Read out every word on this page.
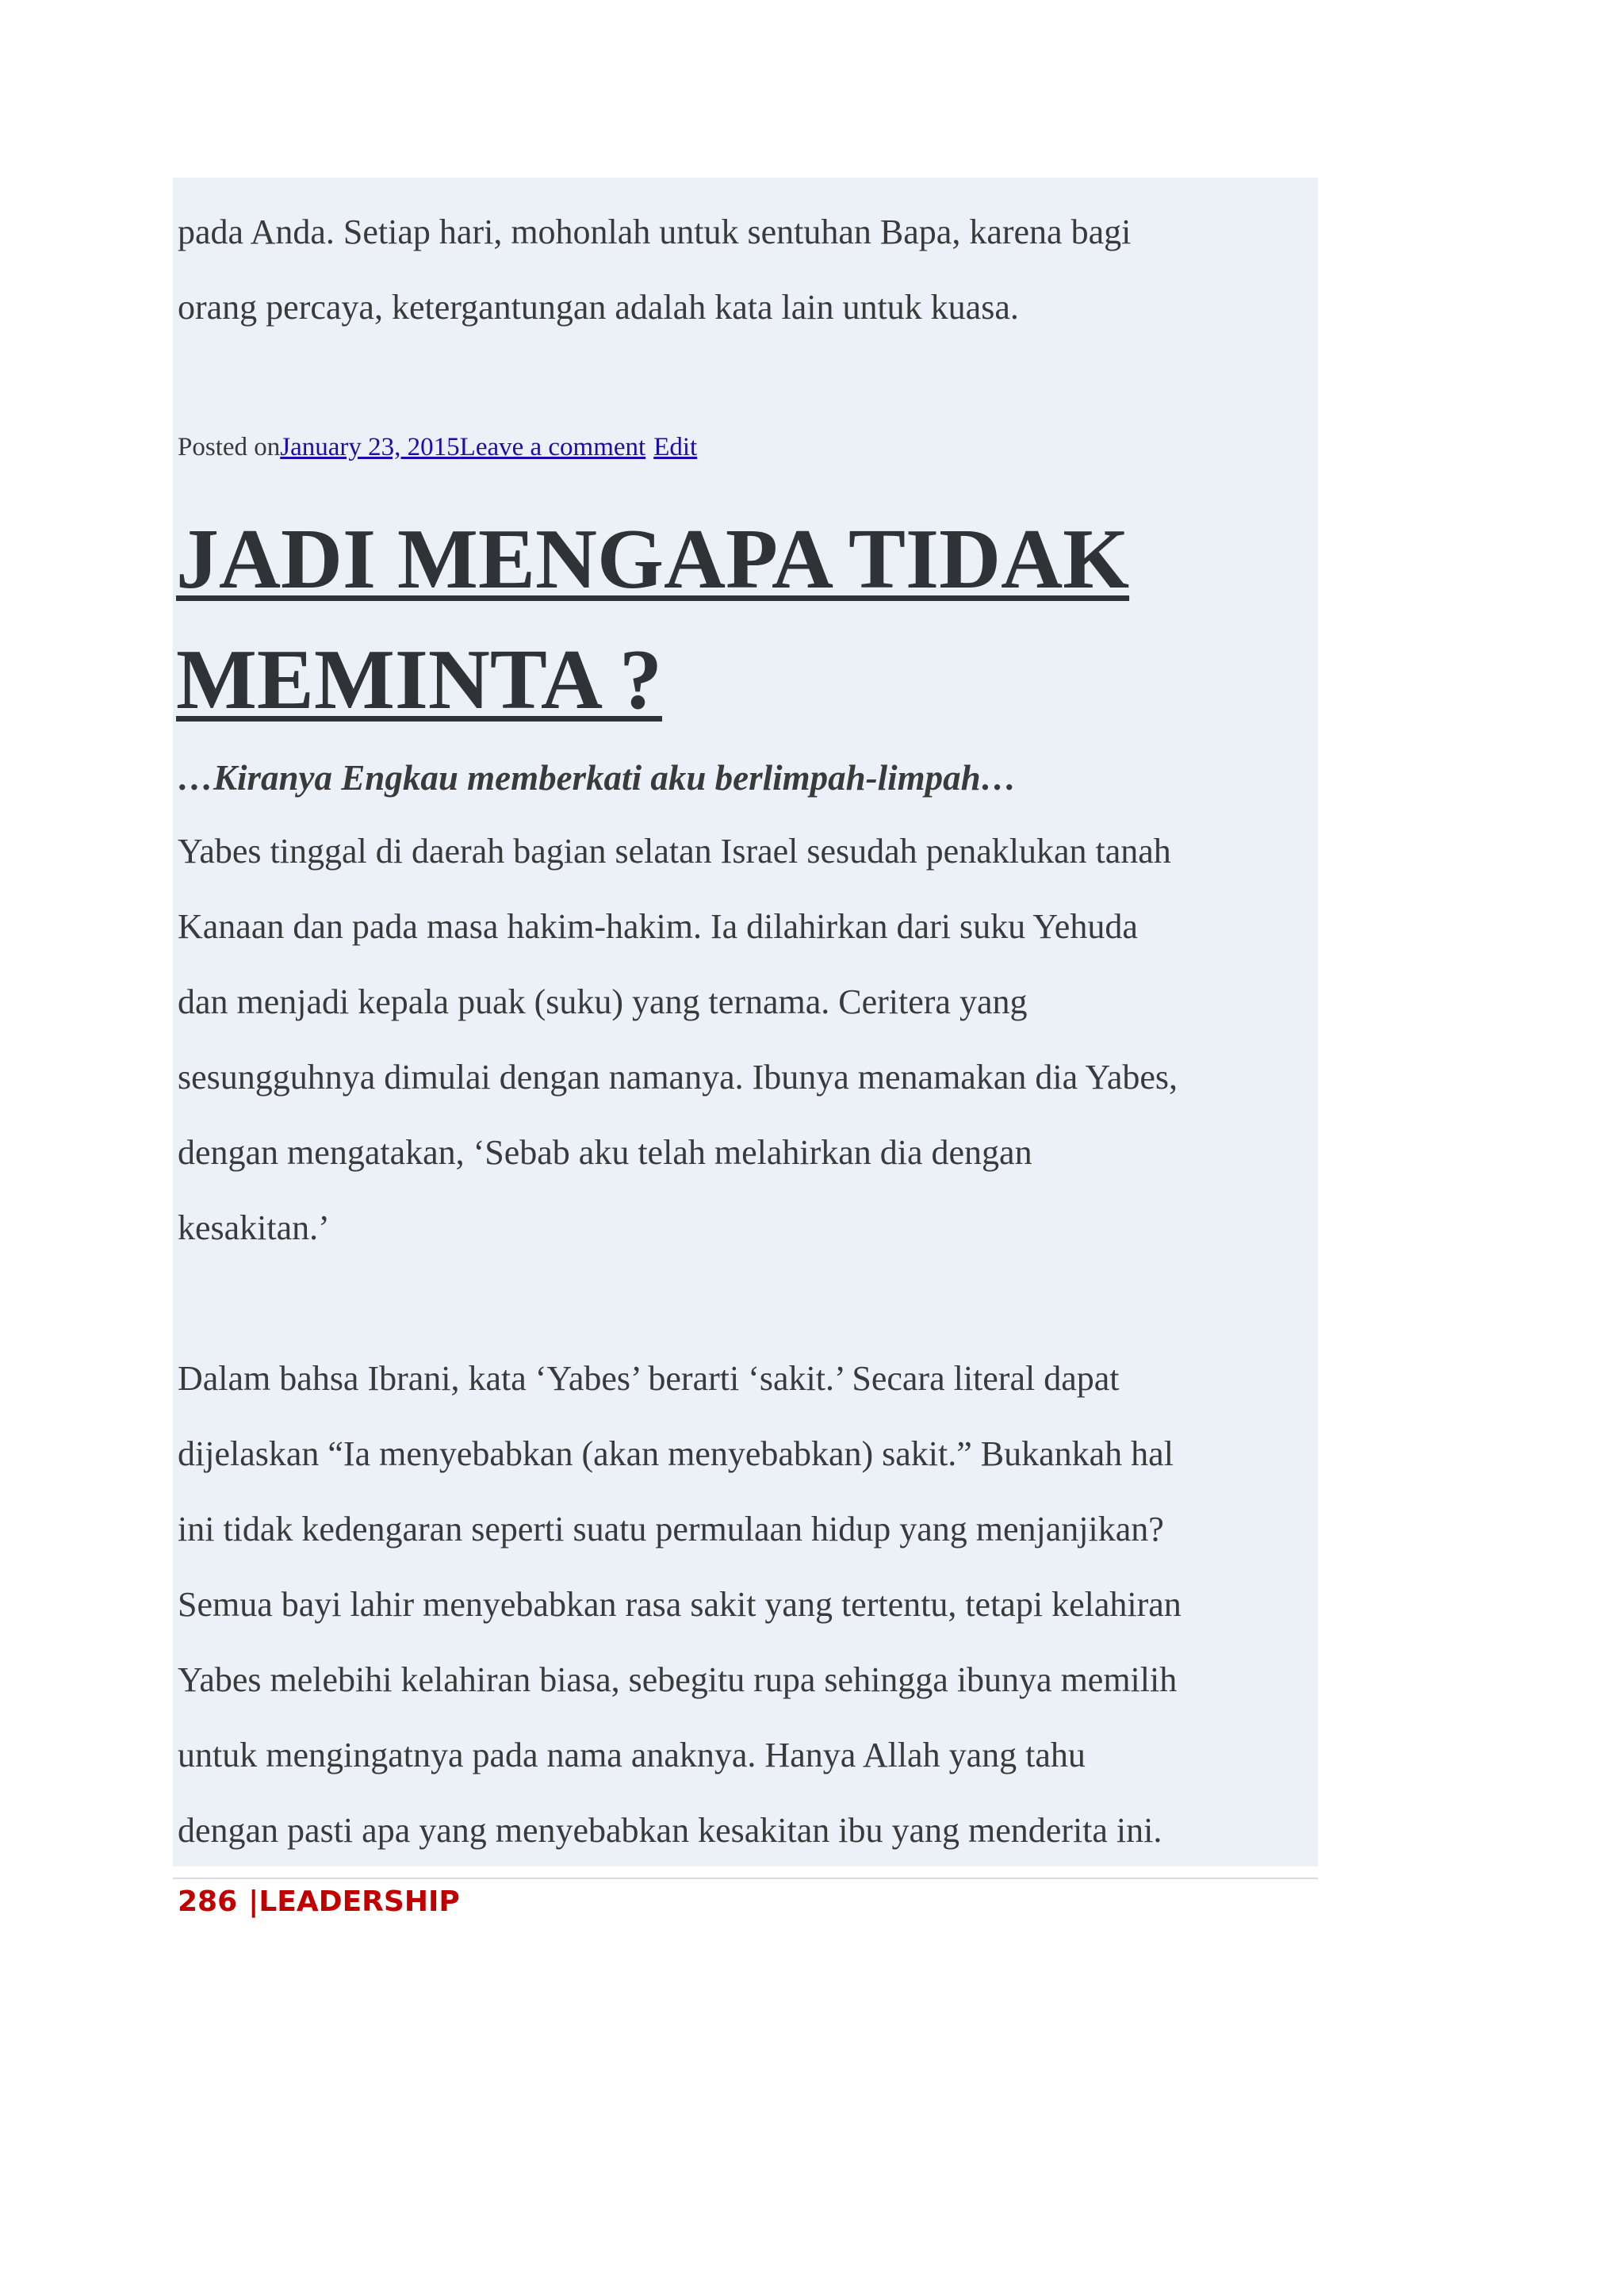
pada Anda. Setiap hari, mohonlah untuk sentuhan Bapa, karena bagi
orang percaya, ketergantungan adalah kata lain untuk kuasa.
Posted onJanuary 23, 2015Leave a comment Edit
JADI MENGAPA TIDAK
MEMINTA ?
…Kiranya Engkau memberkati aku berlimpah-limpah…
Yabes tinggal di daerah bagian selatan Israel sesudah penaklukan tanah
Kanaan dan pada masa hakim-hakim. Ia dilahirkan dari suku Yehuda
dan menjadi kepala puak (suku) yang ternama. Ceritera yang
sesungguhnya dimulai dengan namanya. Ibunya menamakan dia Yabes,
dengan mengatakan, ‘Sebab aku telah melahirkan dia dengan
kesakitan.’
Dalam bahsa Ibrani, kata ‘Yabes’ berarti ‘sakit.’ Secara literal dapat
dijelaskan “Ia menyebabkan (akan menyebabkan) sakit.” Bukankah hal
ini tidak kedengaran seperti suatu permulaan hidup yang menjanjikan?
Semua bayi lahir menyebabkan rasa sakit yang tertentu, tetapi kelahiran
Yabes melebihi kelahiran biasa, sebegitu rupa sehingga ibunya memilih
untuk mengingatnya pada nama anaknya. Hanya Allah yang tahu
dengan pasti apa yang menyebabkan kesakitan ibu yang menderita ini.
286 |LEADERSHIP
